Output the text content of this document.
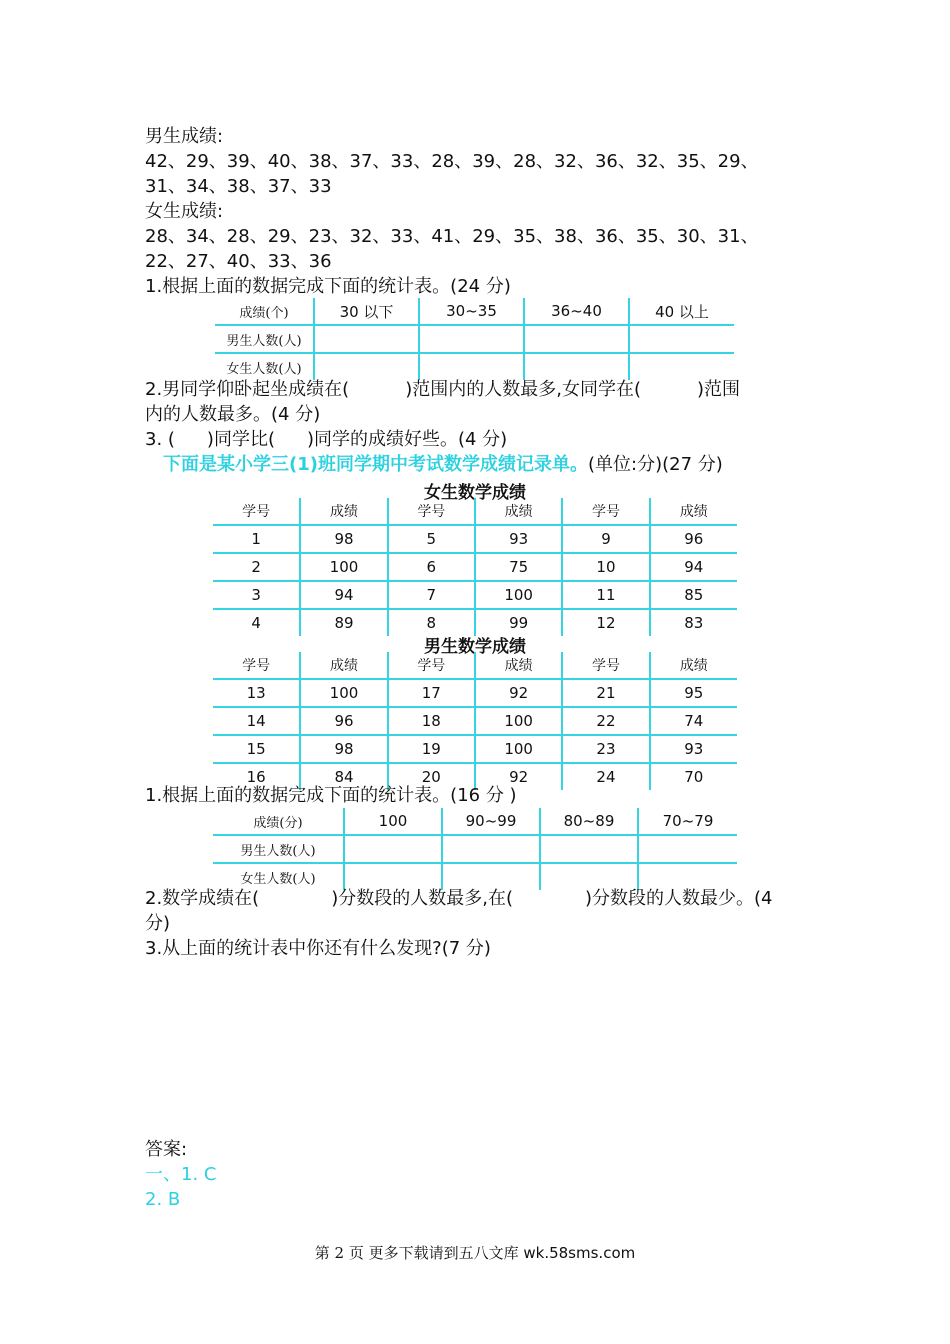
男生成绩:
42、29、39、40、38、37、33、28、39、28、32、36、32、35、29、
31、34、38、37、33
女生成绩:
28、34、28、29、23、32、33、41、29、35、38、36、35、30、31、
22、27、40、33、36
1.根据上面的数据完成下面的统计表。(24 分)
成绩(个)	30 以下	30~35	36~40	40 以上
男生人数(人)				
女生人数(人)				
2.男同学仰卧起坐成绩在(	)范围内的人数最多,女同学在(	)范围
内的人数最多。(4 分)
3. ( )同学比( )同学的成绩好些。(4 分)
下面是某小学三(1)班同学期中考试数学成绩记录单。(单位:分)(27 分)
女生数学成绩
学号	成绩	学号	成绩	学号	成绩
1	98	5	93	9	96
2	100	6	75	10	94
3	94	7	100	11	85
4	89	8	99	12	83
男生数学成绩
学号	成绩	学号	成绩	学号	成绩
13	100	17	92	21	95
14	96	18	100	22	74
15	98	19	100	23	93
16	84	20	92	24	70
1.根据上面的数据完成下面的统计表。(16 分 )
成绩(分)	100	90~99	80~89	70~79
男生人数(人)				
女生人数(人)				
2.数学成绩在(	)分数段的人数最多,在(	)分数段的人数最少。(4
分)
3.从上面的统计表中你还有什么发现?(7 分)
答案:
一、1. C
2. B
第 2 页 更多下载请到五八文库 wk.58sms.com
